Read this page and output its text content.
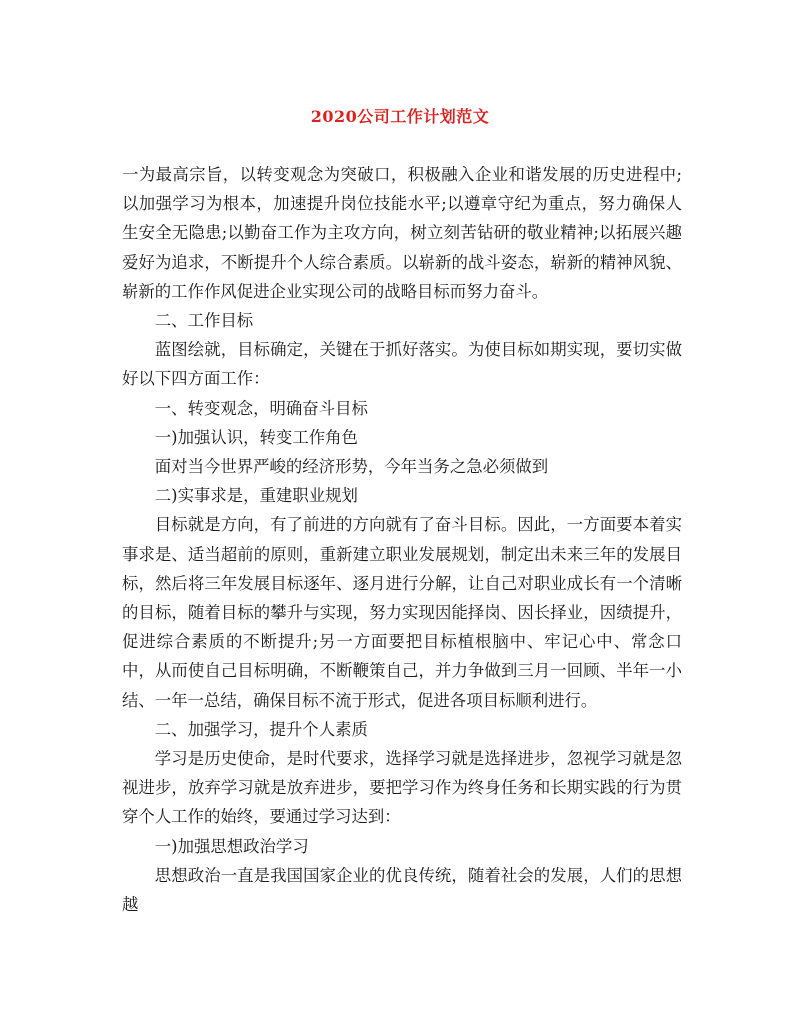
2020公司工作计划范文

一为最高宗旨，以转变观念为突破口，积极融入企业和谐发展的历史进程中;以加强学习为根本，加速提升岗位技能水平;以遵章守纪为重点，努力确保人生安全无隐患;以勤奋工作为主攻方向，树立刻苦钻研的敬业精神;以拓展兴趣爱好为追求，不断提升个人综合素质。以崭新的战斗姿态，崭新的精神风貌、崭新的工作作风促进企业实现公司的战略目标而努力奋斗。

二、工作目标

蓝图绘就，目标确定，关键在于抓好落实。为使目标如期实现，要切实做好以下四方面工作：

一、转变观念，明确奋斗目标

一)加强认识，转变工作角色

面对当今世界严峻的经济形势，今年当务之急必须做到

二)实事求是，重建职业规划

目标就是方向，有了前进的方向就有了奋斗目标。因此，一方面要本着实事求是、适当超前的原则，重新建立职业发展规划，制定出未来三年的发展目标，然后将三年发展目标逐年、逐月进行分解，让自己对职业成长有一个清晰的目标，随着目标的攀升与实现，努力实现因能择岗、因长择业，因绩提升，促进综合素质的不断提升;另一方面要把目标植根脑中、牢记心中、常念口中，从而使自己目标明确，不断鞭策自己，并力争做到三月一回顾、半年一小结、一年一总结，确保目标不流于形式，促进各项目标顺利进行。

二、加强学习，提升个人素质

学习是历史使命，是时代要求，选择学习就是选择进步，忽视学习就是忽视进步，放弃学习就是放弃进步，要把学习作为终身任务和长期实践的行为贯穿个人工作的始终，要通过学习达到：

一)加强思想政治学习

思想政治一直是我国国家企业的优良传统，随着社会的发展，人们的思想越
